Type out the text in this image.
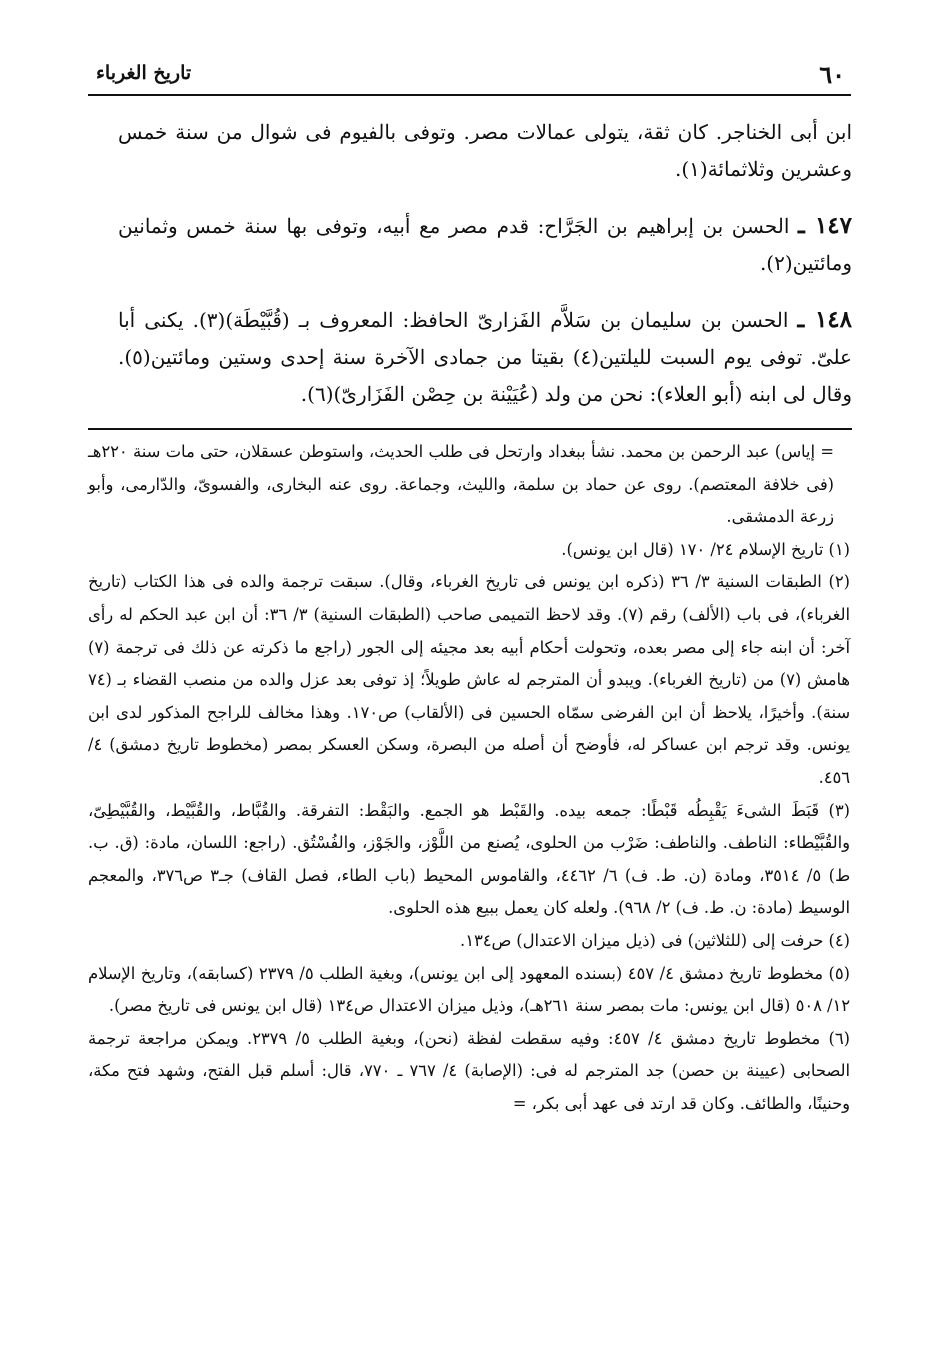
٦٠
تاريخ الغرباء

ابن أبى الخناجر. كان ثقة، يتولى عمالات مصر. وتوفى بالفيوم فى شوال من سنة خمس وعشرين وثلاثمائة(١).

١٤٧ ـ الحسن بن إبراهيم بن الجَرَّاح: قدم مصر مع أبيه، وتوفى بها سنة خمس وثمانين ومائتين(٢).

١٤٨ ـ الحسن بن سليمان بن سَلاَّم الفَزارىّ الحافظ: المعروف بـ (قُبَّيْطَة)(٣). يكنى أبا علىّ. توفى يوم السبت لليلتين(٤) بقيتا من جمادى الآخرة سنة إحدى وستين ومائتين(٥). وقال لى ابنه (أبو العلاء): نحن من ولد (عُيَيْنة بن حِصْن الفَزَارىّ)(٦).

= إياس) عبد الرحمن بن محمد. نشأ ببغداد وارتحل فى طلب الحديث، واستوطن عسقلان، حتى مات سنة ٢٢٠هـ (فى خلافة المعتصم). روى عن حماد بن سلمة، والليث، وجماعة. روى عنه البخارى، والفسوىّ، والدّارمى، وأبو زرعة الدمشقى.

(١) تاريخ الإسلام ٢٤/ ١٧٠ (قال ابن يونس).

(٢) الطبقات السنية ٣/ ٣٦ (ذكره ابن يونس فى تاريخ الغرباء، وقال). سبقت ترجمة والده فى هذا الكتاب (تاريخ الغرباء)، فى باب (الألف) رقم (٧). وقد لاحظ التميمى صاحب (الطبقات السنية) ٣/ ٣٦: أن ابن عبد الحكم له رأى آخر: أن ابنه جاء إلى مصر بعده، وتحولت أحكام أبيه بعد مجيئه إلى الجور (راجع ما ذكرته عن ذلك فى ترجمة (٧) هامش (٧) من (تاريخ الغرباء). ويبدو أن المترجم له عاش طويلاً؛ إذ توفى بعد عزل والده من منصب القضاء بـ (٧٤ سنة). وأخيرًا، يلاحظ أن ابن الفرضى سمّاه الحسين فى (الألقاب) ص١٧٠. وهذا مخالف للراجح المذكور لدى ابن يونس. وقد ترجم ابن عساكر له، فأوضح أن أصله من البصرة، وسكن العسكر بمصر (مخطوط تاريخ دمشق) ٤/ ٤٥٦.

(٣) قَبَطَ الشىءَ يَقْبِطُه قَبْطًا: جمعه بيده. والقَبْط هو الجمع. والبَقْط: التفرقة. والقُبَّاط، والقُبَّيْط، والقُبَّيْطِىّ، والقُبَّيْطاء: الناطف. والناطف: ضَرْب من الحلوى، يُصنع من اللَّوْز، والجَوْز، والفُسْتُق. (راجع: اللسان، مادة: (ق. ب. ط) ٥/ ٣٥١٤، ومادة (ن. ط. ف) ٦/ ٤٤٦٢، والقاموس المحيط (باب الطاء، فصل القاف) جـ٣ ص٣٧٦، والمعجم الوسيط (مادة: ن. ط. ف) ٢/ ٩٦٨). ولعله كان يعمل ببيع هذه الحلوى.

(٤) حرفت إلى (للثلاثين) فى (ذيل ميزان الاعتدال) ص١٣٤.

(٥) مخطوط تاريخ دمشق ٤/ ٤٥٧ (بسنده المعهود إلى ابن يونس)، وبغية الطلب ٥/ ٢٣٧٩ (كسابقه)، وتاريخ الإسلام ١٢/ ٥٠٨ (قال ابن يونس: مات بمصر سنة ٢٦١هـ)، وذيل ميزان الاعتدال ص١٣٤ (قال ابن يونس فى تاريخ مصر).

(٦) مخطوط تاريخ دمشق ٤/ ٤٥٧: وفيه سقطت لفظة (نحن)، وبغية الطلب ٥/ ٢٣٧٩. ويمكن مراجعة ترجمة الصحابى (عيينة بن حصن) جد المترجم له فى: (الإصابة) ٤/ ٧٦٧ ـ ٧٧٠، قال: أسلم قبل الفتح، وشهد فتح مكة، وحنينًا، والطائف. وكان قد ارتد فى عهد أبى بكر، =
